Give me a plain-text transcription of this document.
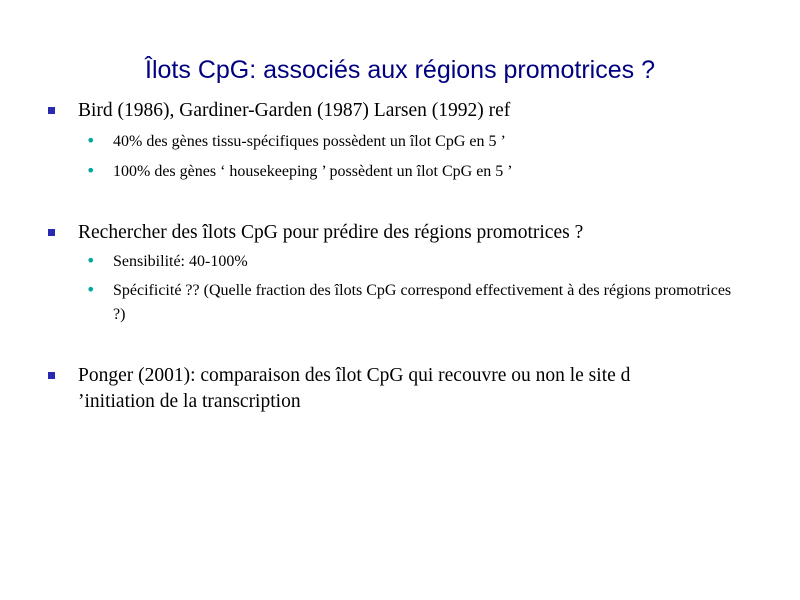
Îlots CpG: associés aux régions promotrices ?
Bird (1986), Gardiner-Garden (1987) Larsen (1992) ref
• 40% des gènes tissu-spécifiques possèdent un îlot CpG en 5 ’
• 100% des gènes ‘ housekeeping ’ possèdent un îlot CpG en 5 ’
Rechercher des îlots CpG pour prédire des régions promotrices ?
• Sensibilité: 40-100%
• Spécificité ?? (Quelle fraction des îlots CpG correspond effectivement à des régions promotrices ?)
Ponger (2001): comparaison des îlot CpG qui recouvre ou non le site d ’initiation de la transcription
